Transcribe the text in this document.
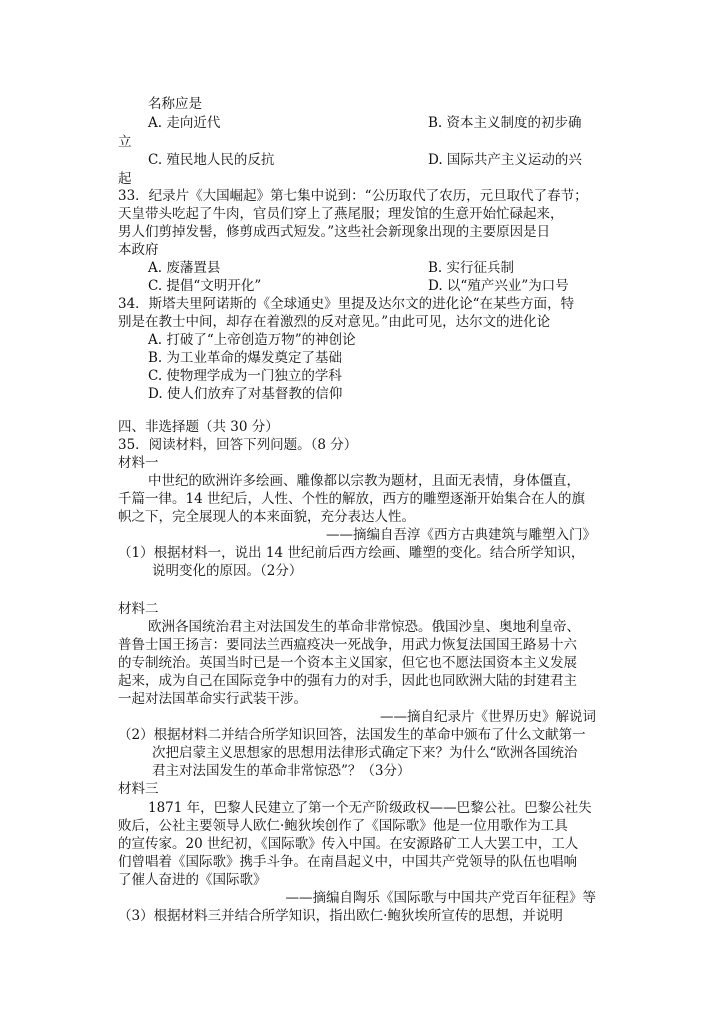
名称应是
A. 走向近代	B. 资本主义制度的初步确
立
C. 殖民地人民的反抗	D. 国际共产主义运动的兴
起
33．纪录片《大国崛起》第七集中说到：“公历取代了农历，元旦取代了春节；
天皇带头吃起了牛肉，官员们穿上了燕尾服；理发馆的生意开始忙碌起来，
男人们剪掉发髻，修剪成西式短发。”这些社会新现象出现的主要原因是日
本政府
A. 废藩置县	B. 实行征兵制
C. 提倡“文明开化”	D. 以“殖产兴业”为口号
34．斯塔夫里阿诺斯的《全球通史》里提及达尔文的进化论“在某些方面，特
别是在教士中间，却存在着激烈的反对意见。”由此可见，达尔文的进化论
A. 打破了“上帝创造万物”的神创论
B. 为工业革命的爆发奠定了基础
C. 使物理学成为一门独立的学科
D. 使人们放弃了对基督教的信仰
四、非选择题（共 30 分）
35．阅读材料，回答下列问题。（8 分）
材料一
中世纪的欧洲许多绘画、雕像都以宗教为题材，且面无表情，身体僵直，
千篇一律。14 世纪后，人性、个性的解放，西方的雕塑逐渐开始集合在人的旗
帜之下，完全展现人的本来面貌，充分表达人性。
——摘编自吾淳《西方古典建筑与雕塑入门》
（1）根据材料一，说出 14 世纪前后西方绘画、雕塑的变化。结合所学知识，
说明变化的原因。（2分）
材料二
欧洲各国统治君主对法国发生的革命非常惊恐。俄国沙皇、奥地利皇帝、
普鲁士国王扬言：要同法兰西瘟疫决一死战争，用武力恢复法国国王路易十六
的专制统治。英国当时已是一个资本主义国家，但它也不愿法国资本主义发展
起来，成为自己在国际竞争中的强有力的对手，因此也同欧洲大陆的封建君主
一起对法国革命实行武装干涉。
——摘自纪录片《世界历史》解说词
（2）根据材料二并结合所学知识回答，法国发生的革命中颁布了什么文献第一
次把启蒙主义思想家的思想用法律形式确定下来？为什么“欧洲各国统治
君主对法国发生的革命非常惊恐”？（3分）
材料三
1871 年，巴黎人民建立了第一个无产阶级政权——巴黎公社。巴黎公社失
败后，公社主要领导人欧仁·鲍狄埃创作了《国际歌》他是一位用歌作为工具
的宣传家。20 世纪初，《国际歌》传入中国。在安源路矿工人大罢工中，工人
们曾唱着《国际歌》携手斗争。在南昌起义中，中国共产党领导的队伍也唱响
了催人奋进的《国际歌》
——摘编自陶乐《国际歌与中国共产党百年征程》等
（3）根据材料三并结合所学知识，指出欧仁·鲍狄埃所宣传的思想，并说明
